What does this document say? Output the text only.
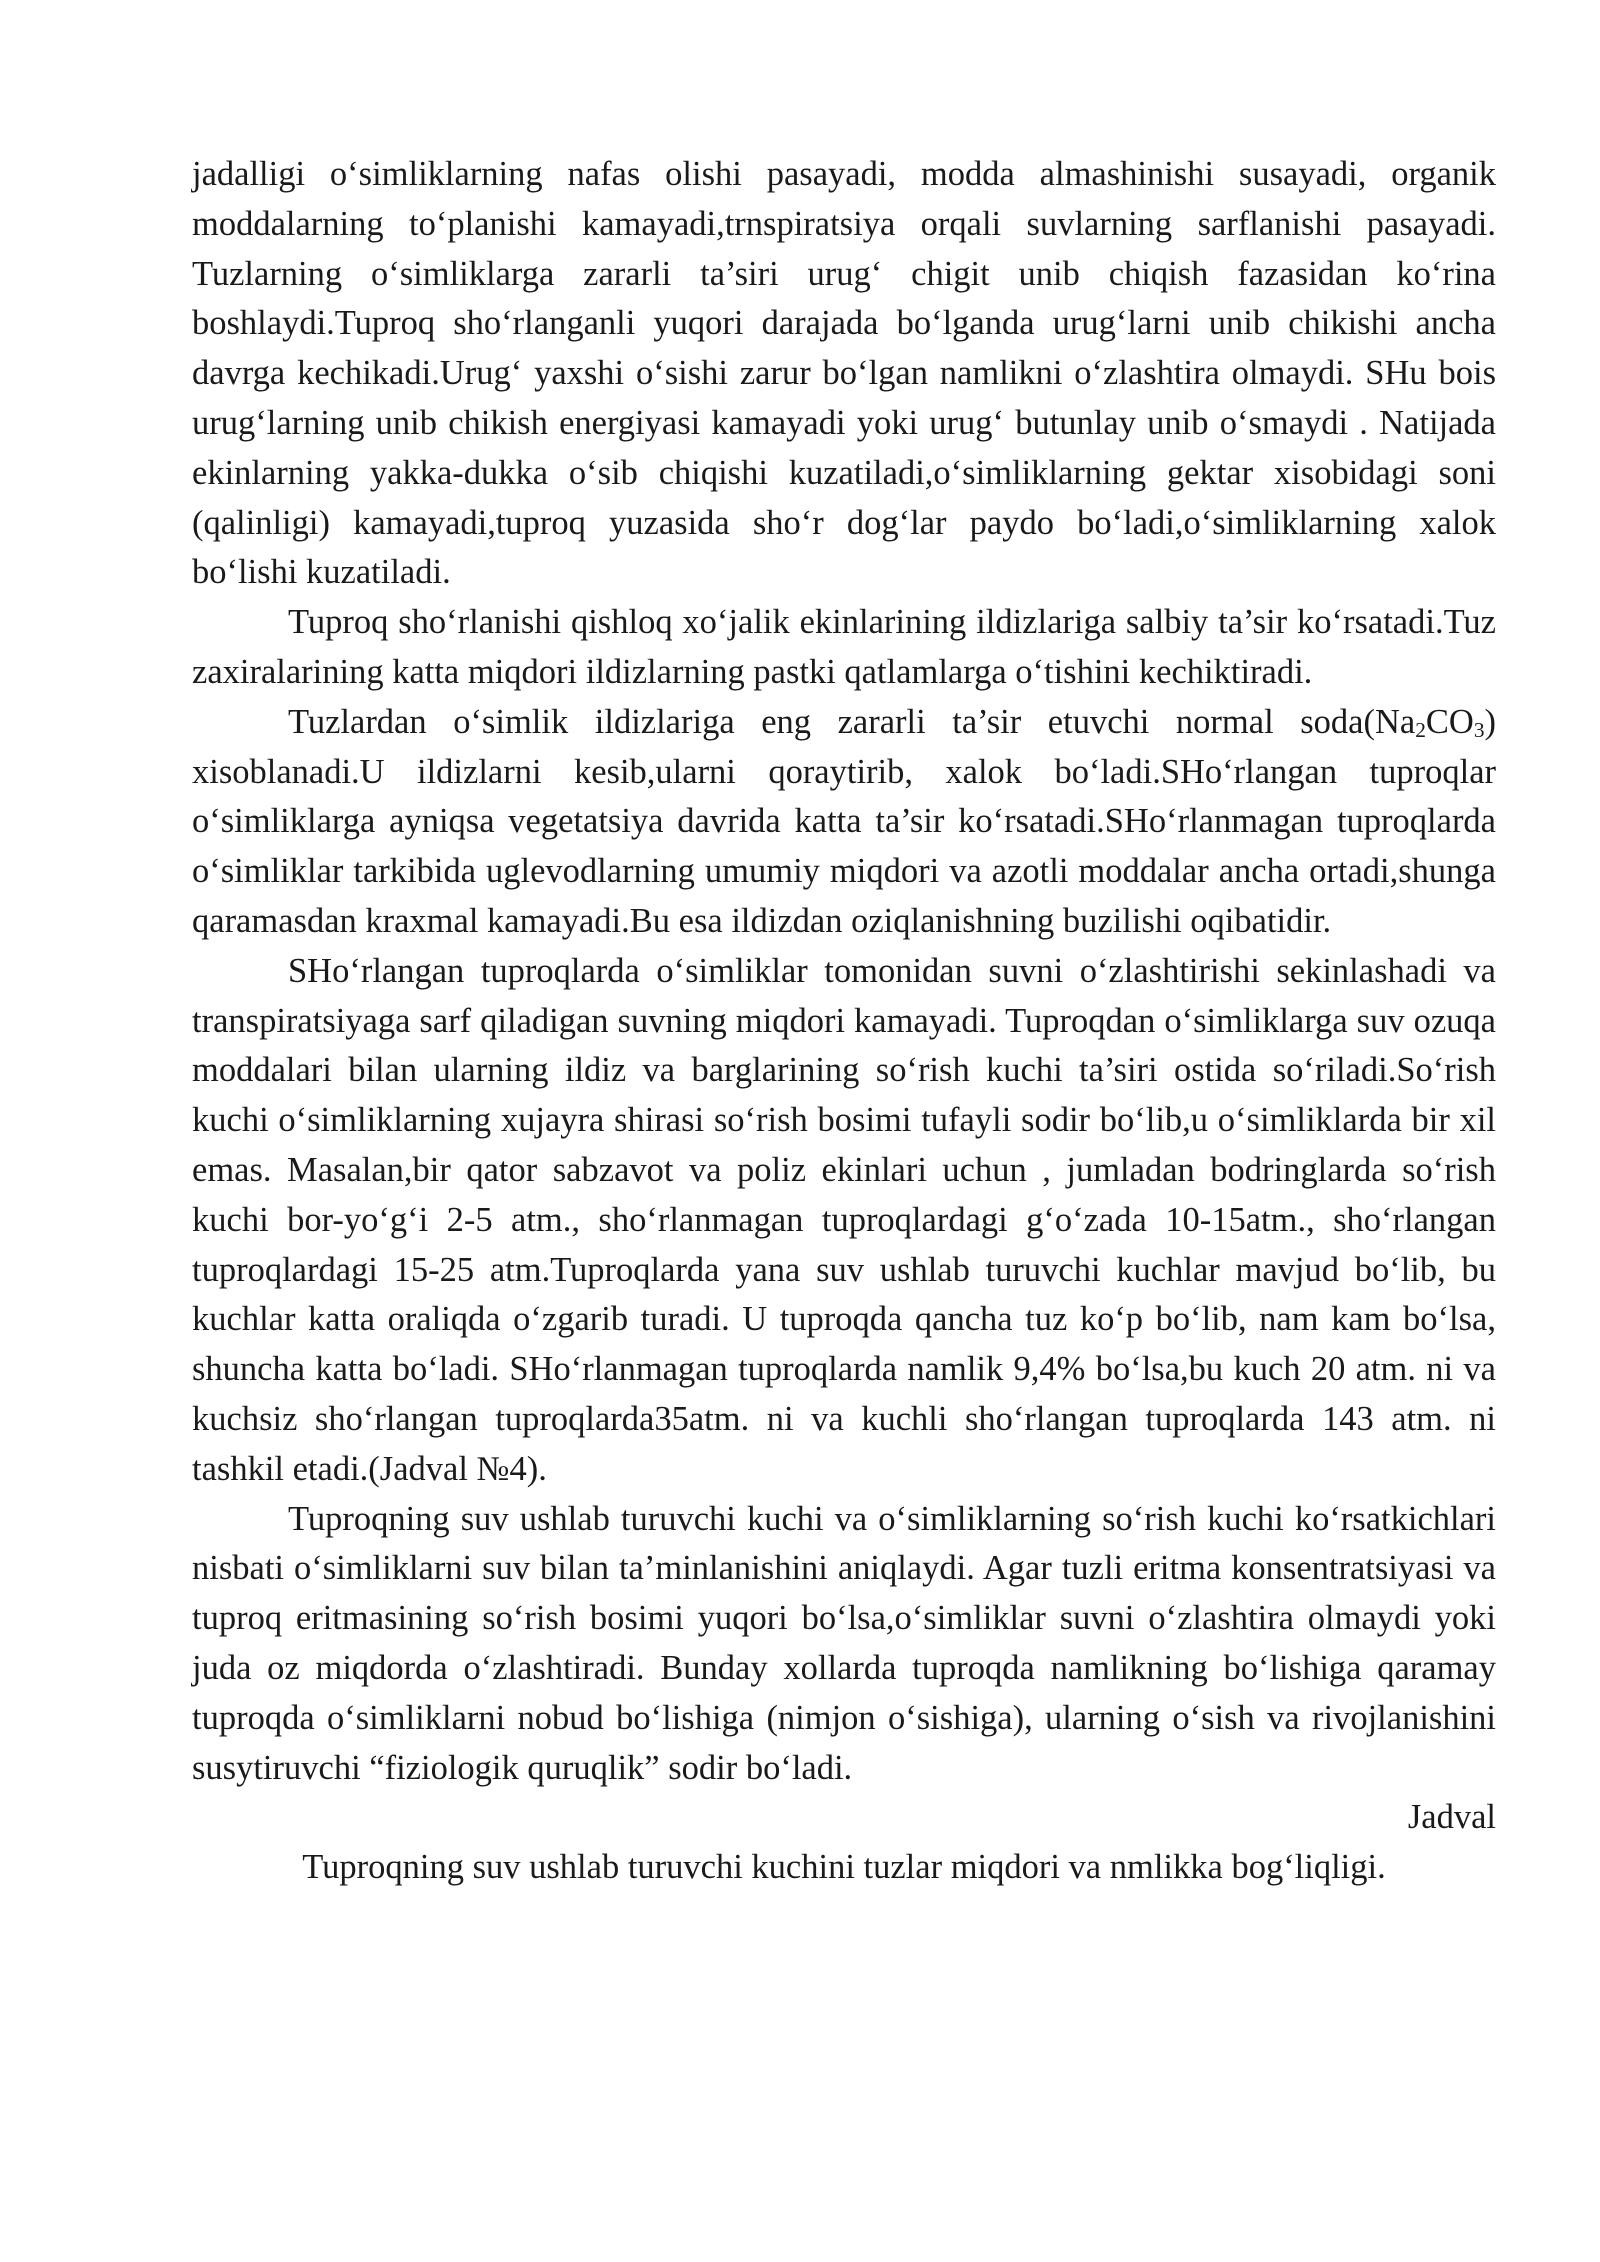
jadalligi o‘simliklarning nafas olishi pasayadi, modda almashinishi susayadi, organik moddalarning to‘planishi kamayadi,trnspiratsiya orqali suvlarning sarflanishi pasayadi. Tuzlarning o‘simliklarga zararli ta’siri urug‘ chigit unib chiqish fazasidan ko‘rina boshlaydi.Tuproq sho‘rlanganli yuqori darajada bo‘lganda urug‘larni unib chikishi ancha davrga kechikadi.Urug‘ yaxshi o‘sishi zarur bo‘lgan namlikni o‘zlashtira olmaydi. SHu bois urug‘larning unib chikish energiyasi kamayadi yoki urug‘ butunlay unib o‘smaydi . Natijada ekinlarning yakka-dukka o‘sib chiqishi kuzatiladi,o‘simliklarning gektar xisobidagi soni (qalinligi) kamayadi,tuproq yuzasida sho‘r dog‘lar paydo bo‘ladi,o‘simliklarning xalok bo‘lishi kuzatiladi.

Tuproq sho‘rlanishi qishloq xo‘jalik ekinlarining ildizlariga salbiy ta’sir ko‘rsatadi.Tuz zaxiralarining katta miqdori ildizlarning pastki qatlamlarga o‘tishini kechiktiradi.

Tuzlardan o‘simlik ildizlariga eng zararli ta’sir etuvchi normal $soda(Na_2CO_3)$ xisoblanadi.U ildizlarni kesib,ularni qoraytirib, xalok bo‘ladi.SHo‘rlangan tuproqlar o‘simliklarga ayniqsa vegetatsiya davrida katta ta’sir ko‘rsatadi.SHo‘rlanmagan tuproqlarda o‘simliklar tarkibida uglevodlarning umumiy miqdori va azotli moddalar ancha ortadi,shunga qaramasdan kraxmal kamayadi.Bu esa ildizdan oziqlanishning buzilishi oqibatidir.

SHo‘rlangan tuproqlarda o‘simliklar tomonidan suvni o‘zlashtirishi sekinlashadi va transpiratsiyaga sarf qiladigan suvning miqdori kamayadi. Tuproqdan o‘simliklarga suv ozuqa moddalari bilan ularning ildiz va barglarining so‘rish kuchi ta’siri ostida so‘riladi.So‘rish kuchi o‘simliklarning xujayra shirasi so‘rish bosimi tufayli sodir bo‘lib,u o‘simliklarda bir xil emas. Masalan,bir qator sabzavot va poliz ekinlari uchun , jumladan bodringlarda so‘rish kuchi bor-yo‘g‘i 2-5 atm., sho‘rlanmagan tuproqlardagi g‘o‘zada 10-15atm., sho‘rlangan tuproqlardagi 15-25 atm.Tuproqlarda yana suv ushlab turuvchi kuchlar mavjud bo‘lib, bu kuchlar katta oraliqda o‘zgarib turadi. U tuproqda qancha tuz ko‘p bo‘lib, nam kam bo‘lsa, shuncha katta bo‘ladi. SHo‘rlanmagan tuproqlarda namlik 9,4% bo‘lsa,bu kuch 20 atm. ni va kuchsiz sho‘rlangan tuproqlarda35atm. ni va kuchli sho‘rlangan tuproqlarda 143 atm. ni tashkil etadi.(Jadval №4).

Tuproqning suv ushlab turuvchi kuchi va o‘simliklarning so‘rish kuchi ko‘rsatkichlari nisbati o‘simliklarni suv bilan ta’minlanishini aniqlaydi. Agar tuzli eritma konsentratsiyasi va tuproq eritmasining so‘rish bosimi yuqori bo‘lsa,o‘simliklar suvni o‘zlashtira olmaydi yoki juda oz miqdorda o‘zlashtiradi. Bunday xollarda tuproqda namlikning bo‘lishiga qaramay tuproqda o‘simliklarni nobud bo‘lishiga (nimjon o‘sishiga), ularning o‘sish va rivojlanishini susytiruvchi “fiziologik quruqlik” sodir bo‘ladi.

Jadval

Tuproqning suv ushlab turuvchi kuchini tuzlar miqdori va nmlikka bog‘liqligi.
